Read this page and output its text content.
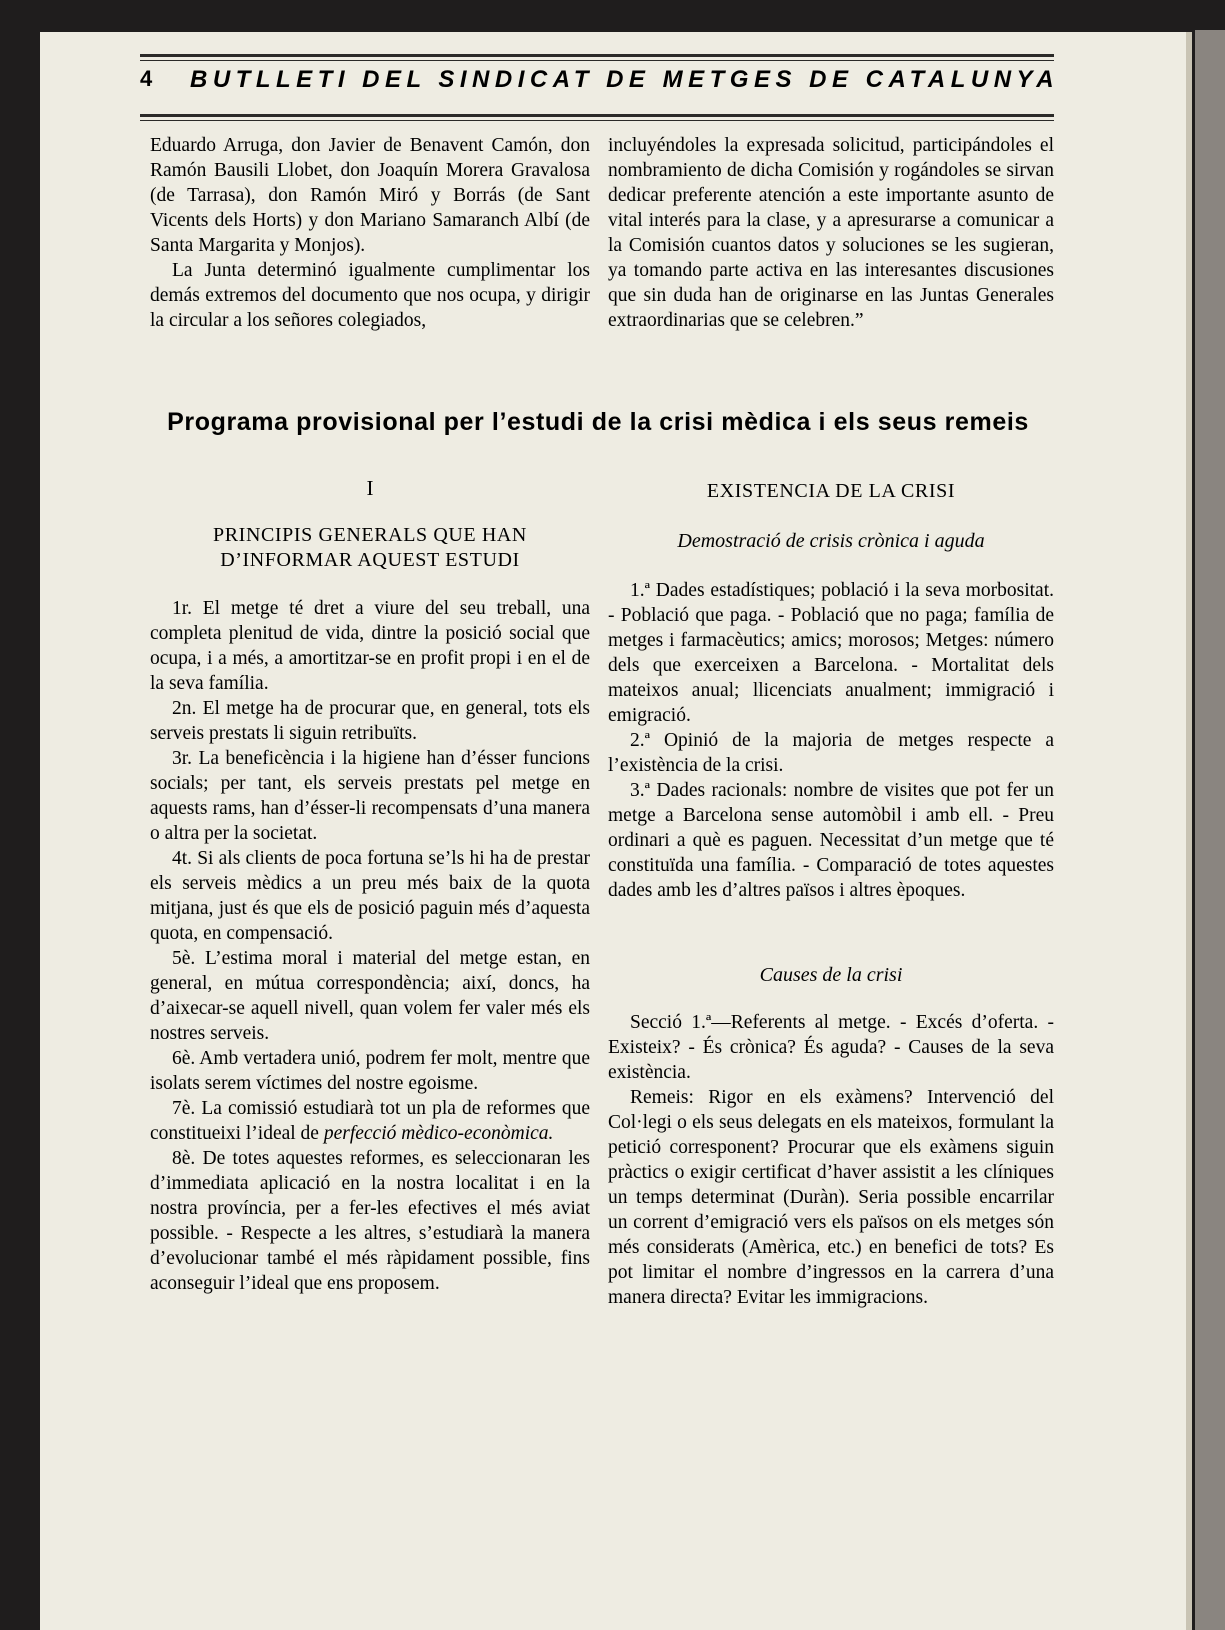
4 BUTLLETI DEL SINDICAT DE METGES DE CATALUNYA

Eduardo Arruga, don Javier de Benavent Camón, don Ramón Bausili Llobet, don Joaquín Morera Gravalosa (de Tarrasa), don Ramón Miró y Borrás (de Sant Vicents dels Horts) y don Mariano Samaranch Albí (de Santa Margarita y Monjos).

La Junta determinó igualmente cumplimentar los demás extremos del documento que nos ocupa, y dirigir la circular a los señores colegiados,

incluyéndoles la expresada solicitud, participándoles el nombramiento de dicha Comisión y rogándoles se sirvan dedicar preferente atención a este importante asunto de vital interés para la clase, y a apresurarse a comunicar a la Comisión cuantos datos y soluciones se les sugieran, ya tomando parte activa en las interesantes discusiones que sin duda han de originarse en las Juntas Generales extraordinarias que se celebren.”

Programa provisional per l’estudi de la crisi mèdica i els seus remeis
I
PRINCIPIS GENERALS QUE HAN D’INFORMAR AQUEST ESTUDI

1r. El metge té dret a viure del seu treball, una completa plenitud de vida, dintre la posició social que ocupa, i a més, a amortitzar-se en profit propi i en el de la seva família.

2n. El metge ha de procurar que, en general, tots els serveis prestats li siguin retribuïts.

3r. La beneficència i la higiene han d’ésser funcions socials; per tant, els serveis prestats pel metge en aquests rams, han d’ésser-li recompensats d’una manera o altra per la societat.

4t. Si als clients de poca fortuna se’ls hi ha de prestar els serveis mèdics a un preu més baix de la quota mitjana, just és que els de posició paguin més d’aquesta quota, en compensació.

5è. L’estima moral i material del metge estan, en general, en mútua correspondència; així, doncs, ha d’aixecar-se aquell nivell, quan volem fer valer més els nostres serveis.

6è. Amb vertadera unió, podrem fer molt, mentre que isolats serem víctimes del nostre egoisme.

7è. La comissió estudiarà tot un pla de reformes que constitueixi l’ideal de perfecció mèdico-econòmica.

8è. De totes aquestes reformes, es seleccionaran les d’immediata aplicació en la nostra localitat i en la nostra província, per a fer-les efectives el més aviat possible. - Respecte a les altres, s’estudiarà la manera d’evolucionar també el més ràpidament possible, fins aconseguir l’ideal que ens proposem.

EXISTENCIA DE LA CRISI
Demostració de crisis crònica i aguda

1.ª Dades estadístiques; població i la seva morbositat. - Població que paga. - Població que no paga; família de metges i farmacèutics; amics; morosos; Metges: número dels que exerceixen a Barcelona. - Mortalitat dels mateixos anual; llicenciats anualment; immigració i emigració.

2.ª Opinió de la majoria de metges respecte a l’existència de la crisi.

3.ª Dades racionals: nombre de visites que pot fer un metge a Barcelona sense automòbil i amb ell. - Preu ordinari a què es paguen. Necessitat d’un metge que té constituïda una família. - Comparació de totes aquestes dades amb les d’altres països i altres èpoques.

Causes de la crisi

Secció 1.ª—Referents al metge. - Excés d’oferta. - Existeix? - És crònica? És aguda? - Causes de la seva existència.

Remeis: Rigor en els exàmens? Intervenció del Col·legi o els seus delegats en els mateixos, formulant la petició corresponent? Procurar que els exàmens siguin pràctics o exigir certificat d’haver assistit a les clíniques un temps determinat (Duràn). Seria possible encarrilar un corrent d’emigració vers els països on els metges són més considerats (Amèrica, etc.) en benefici de tots? Es pot limitar el nombre d’ingressos en la carrera d’una manera directa? Evitar les immigracions.
